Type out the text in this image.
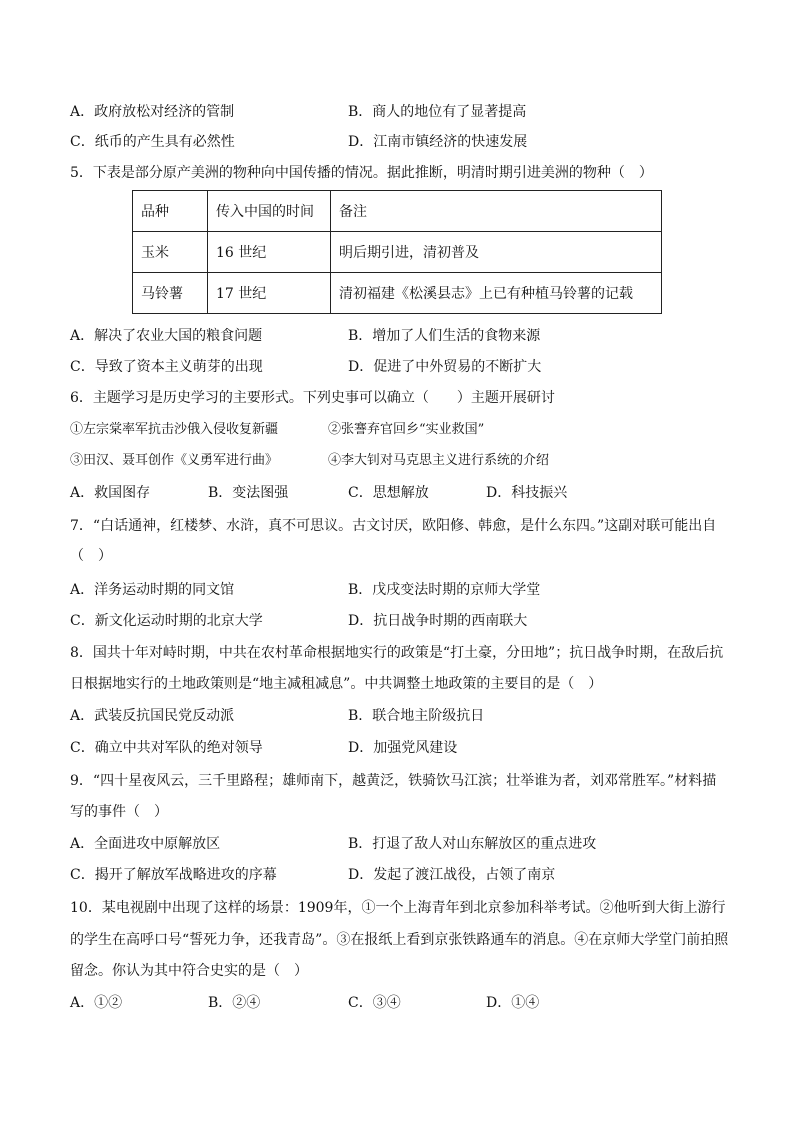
A．政府放松对经济的管制	B．商人的地位有了显著提高
C．纸币的产生具有必然性	D．江南市镇经济的快速发展
5．下表是部分原产美洲的物种向中国传播的情况。据此推断，明清时期引进美洲的物种（　）
品种	传入中国的时间	备注
玉米	16 世纪	明后期引进，清初普及
马铃薯	17 世纪	清初福建《松溪县志》上已有种植马铃薯的记载
A．解决了农业大国的粮食问题	B．增加了人们生活的食物来源
C．导致了资本主义萌芽的出现	D．促进了中外贸易的不断扩大
6．主题学习是历史学习的主要形式。下列史事可以确立（　　）主题开展研讨
①左宗棠率军抗击沙俄入侵收复新疆	②张謇弃官回乡“实业救国”
③田汉、聂耳创作《义勇军进行曲》	④李大钊对马克思主义进行系统的介绍
A．救国图存	B．变法图强	C．思想解放	D．科技振兴
7．“白话通神，红楼梦、水浒，真不可思议。古文讨厌，欧阳修、韩愈，是什么东四。”这副对联可能出自
（　）
A．洋务运动时期的同文馆	B．戊戌变法时期的京师大学堂
C．新文化运动时期的北京大学	D．抗日战争时期的西南联大
8．国共十年对峙时期，中共在农村革命根据地实行的政策是“打土豪，分田地”；抗日战争时期，在敌后抗
日根据地实行的土地政策则是“地主减租减息”。中共调整土地政策的主要目的是（　）
A．武装反抗国民党反动派	B．联合地主阶级抗日
C．确立中共对军队的绝对领导	D．加强党风建设
9．“四十星夜风云，三千里路程；雄师南下，越黄泛，铁骑饮马江滨；壮举谁为者，刘邓常胜军。”材料描
写的事件（　）
A．全面进攻中原解放区	B．打退了敌人对山东解放区的重点进攻
C．揭开了解放军战略进攻的序幕	D．发起了渡江战役，占领了南京
10．某电视剧中出现了这样的场景：1909年，①一个上海青年到北京参加科举考试。②他听到大街上游行
的学生在高呼口号“誓死力争，还我青岛”。③在报纸上看到京张铁路通车的消息。④在京师大学堂门前拍照
留念。你认为其中符合史实的是（　）
A．①②	B．②④	C．③④	D．①④
